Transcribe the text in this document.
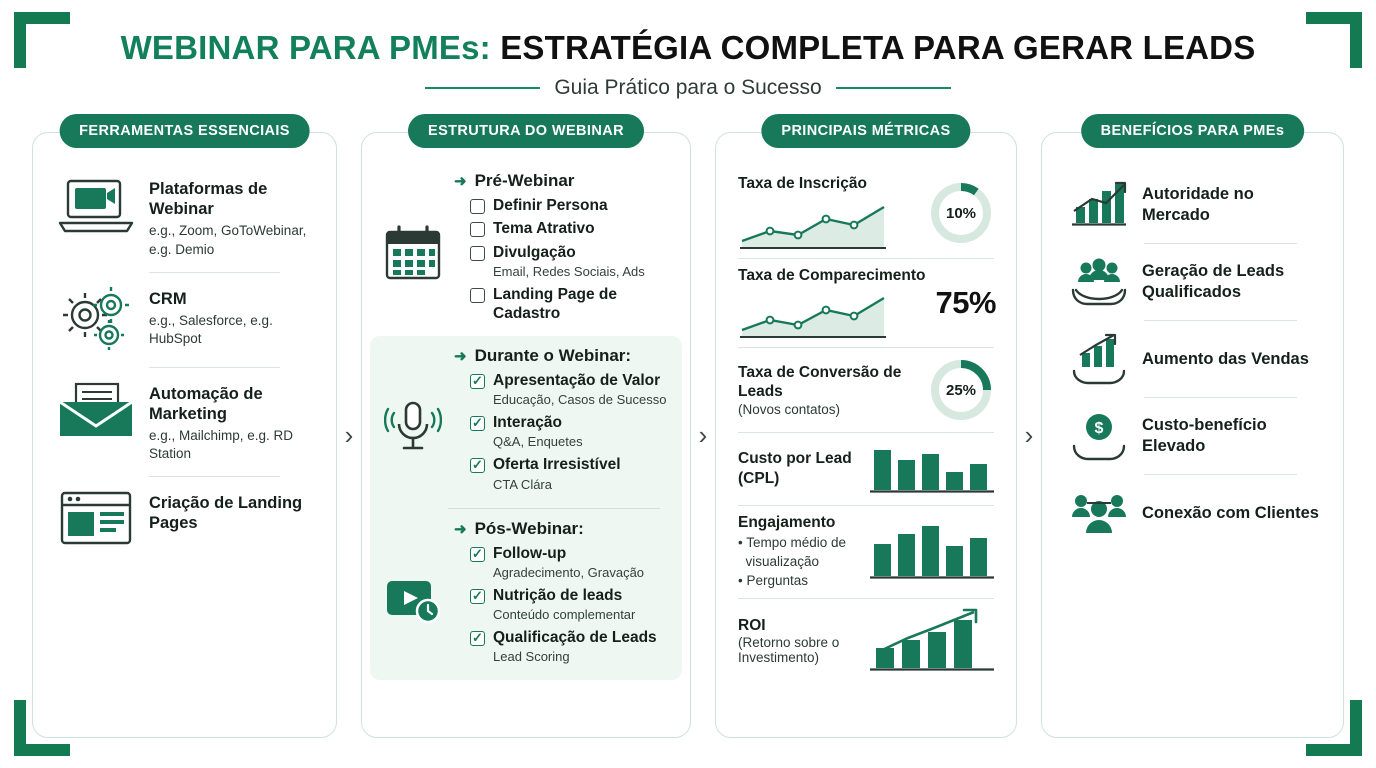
WEBINAR PARA PMEs: ESTRATÉGIA COMPLETA PARA GERAR LEADS
Guia Prático para o Sucesso
FERRAMENTAS ESSENCIAIS
Plataformas de Webinar
e.g., Zoom, GoToWebinar, e.g. Demio
CRM
e.g., Salesforce, e.g. HubSpot
Automação de Marketing
e.g., Mailchimp, e.g. RD Station
Criação de Landing Pages
›
ESTRUTURA DO WEBINAR
➜ Pré-Webinar
Definir Persona
Tema Atrativo
Divulgação
Email, Redes Sociais, Ads
Landing Page de Cadastro
➜ Durante o Webinar:
✓ Apresentação de Valor
Educação, Casos de Sucesso
✓ Interação
Q&A, Enquetes
✓ Oferta Irresistível
CTA Clára
➜ Pós-Webinar:
✓ Follow-up
Agradecimento, Gravação
✓ Nutrição de leads
Conteúdo complementar
✓ Qualificação de Leads
Lead Scoring
›
PRINCIPAIS MÉTRICAS
Taxa de Inscrição
10%
Taxa de Comparecimento
75%
Taxa de Conversão de Leads
(Novos contatos)
25%
Custo por Lead (CPL)
Engajamento
• Tempo médio de
visualização
• Perguntas
ROI
(Retorno sobre o Investimento)
›
BENEFÍCIOS PARA PMEs
Autoridade no Mercado
Geração de Leads Qualificados
Aumento das Vendas
$ Custo-benefício Elevado
Conexão com Clientes
